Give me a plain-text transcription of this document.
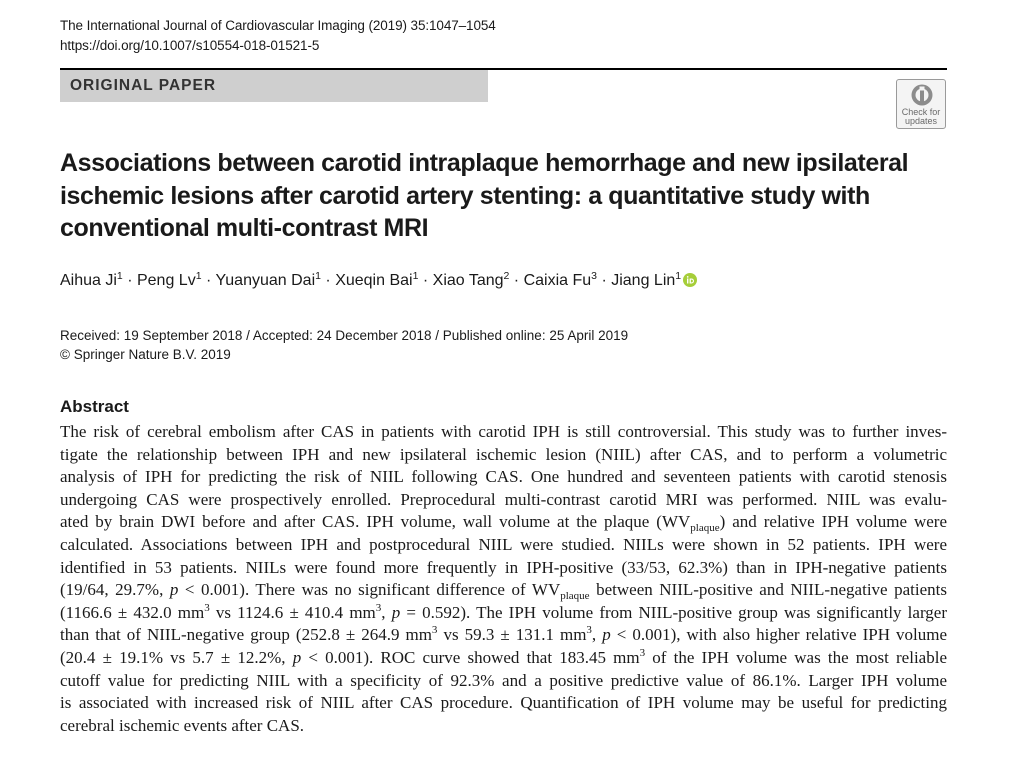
The International Journal of Cardiovascular Imaging (2019) 35:1047–1054
https://doi.org/10.1007/s10554-018-01521-5
ORIGINAL PAPER
Check for
updates
Associations between carotid intraplaque hemorrhage and new ipsilateral ischemic lesions after carotid artery stenting: a quantitative study with conventional multi-contrast MRI
Aihua $Ji^1$ · Peng $Lv^1$ · Yuanyuan Dai$^1$ · Xueqin Bai$^1$ · Xiao Tang$^2$ · Caixia $Fu^3$ · Jiang Lin$^1$
Received: 19 September 2018 / Accepted: 24 December 2018 / Published online: 25 April 2019
© Springer Nature B.V. 2019
Abstract
The risk of cerebral embolism after CAS in patients with carotid IPH is still controversial. This study was to further inves-
tigate the relationship between IPH and new ipsilateral ischemic lesion (NIIL) after CAS, and to perform a volumetric
analysis of IPH for predicting the risk of NIIL following CAS. One hundred and seventeen patients with carotid stenosis
undergoing CAS were prospectively enrolled. Preprocedural multi-contrast carotid MRI was performed. NIIL was evalu-
ated by brain DWI before and after CAS. IPH volume, wall volume at the plaque $(WV_{plaque})$ and relative IPH volume were
calculated. Associations between IPH and postprocedural NIIL were studied. NIILs were shown in 52 patients. IPH were
identified in 53 patients. NIILs were found more frequently in IPH-positive (33/53, 62.3%) than in IPH-negative patients
(19/64, 29.7%, p < 0.001). There was no significant difference of $WV_{plaque}$ between NIIL-positive and NIIL-negative patients
(1166.6 ± 432.0 $mm^3$ vs 1124.6 ± 410.4 $mm^3$, p = 0.592). The IPH volume from NIIL-positive group was significantly larger
than that of NIIL-negative group (252.8 ± 264.9 $mm^3$ vs 59.3 ± 131.1 $mm^3$, p < 0.001), with also higher relative IPH volume
(20.4 ± 19.1% vs 5.7 ± 12.2%, p < 0.001). ROC curve showed that 183.45 $mm^3$ of the IPH volume was the most reliable
cutoff value for predicting NIIL with a specificity of 92.3% and a positive predictive value of 86.1%. Larger IPH volume
is associated with increased risk of NIIL after CAS procedure. Quantification of IPH volume may be useful for predicting
cerebral ischemic events after CAS.
